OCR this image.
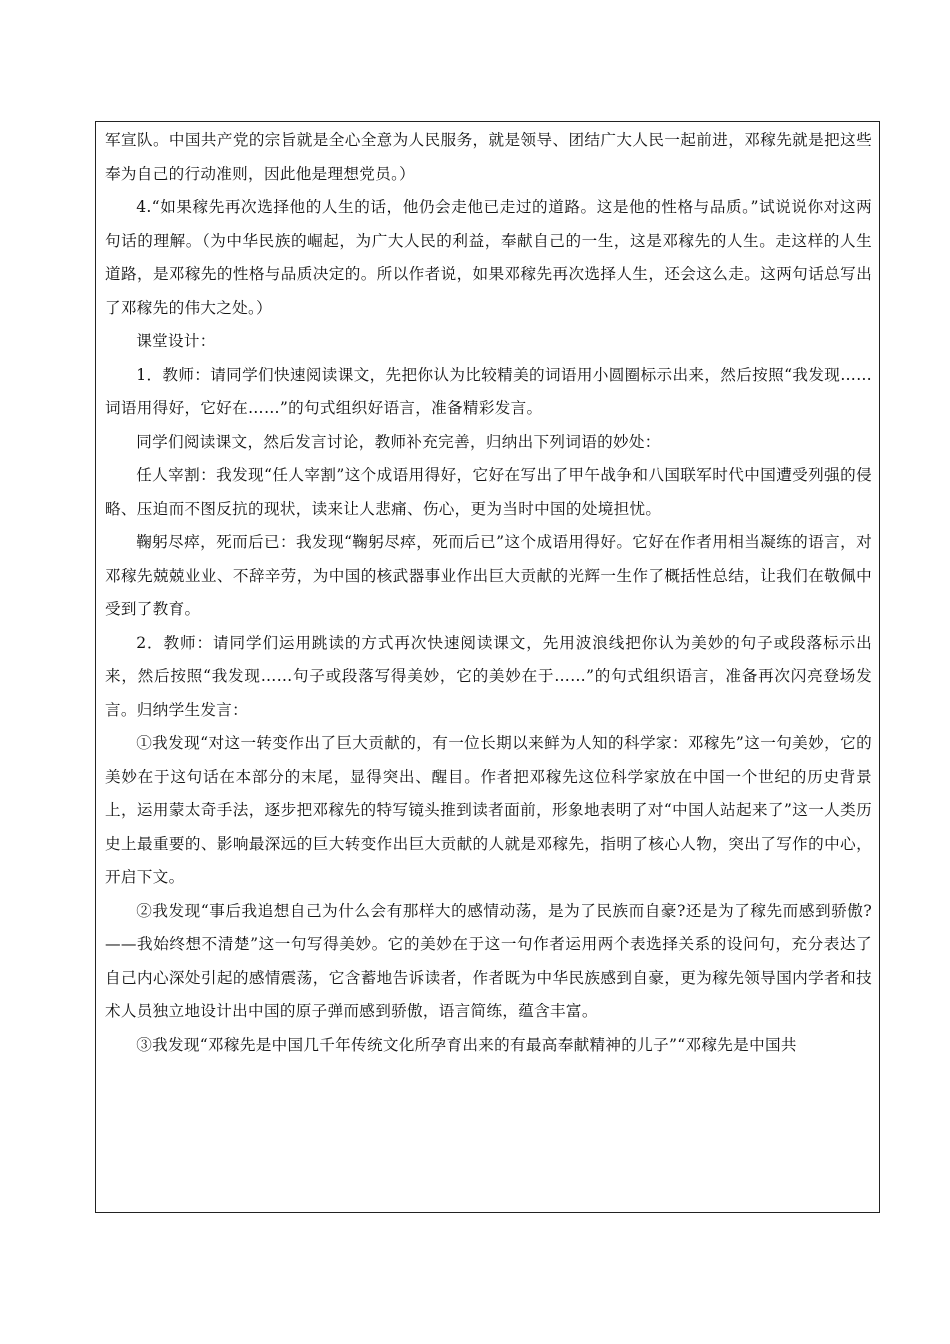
军宣队。中国共产党的宗旨就是全心全意为人民服务，就是领导、团结广大人民一起前进，邓稼先就是把这些奉为自己的行动准则，因此他是理想党员。）

4.“如果稼先再次选择他的人生的话，他仍会走他已走过的道路。这是他的性格与品质。”试说说你对这两句话的理解。（为中华民族的崛起，为广大人民的利益，奉献自己的一生，这是邓稼先的人生。走这样的人生道路，是邓稼先的性格与品质决定的。所以作者说，如果邓稼先再次选择人生，还会这么走。这两句话总写出了邓稼先的伟大之处。）

课堂设计：

1．教师：请同学们快速阅读课文，先把你认为比较精美的词语用小圆圈标示出来，然后按照“我发现……词语用得好，它好在……”的句式组织好语言，准备精彩发言。

同学们阅读课文，然后发言讨论，教师补充完善，归纳出下列词语的妙处：

任人宰割：我发现“任人宰割”这个成语用得好，它好在写出了甲午战争和八国联军时代中国遭受列强的侵略、压迫而不图反抗的现状，读来让人悲痛、伤心，更为当时中国的处境担忧。

鞠躬尽瘁，死而后已：我发现“鞠躬尽瘁，死而后已”这个成语用得好。它好在作者用相当凝练的语言，对邓稼先兢兢业业、不辞辛劳，为中国的核武器事业作出巨大贡献的光辉一生作了概括性总结，让我们在敬佩中受到了教育。

2．教师：请同学们运用跳读的方式再次快速阅读课文，先用波浪线把你认为美妙的句子或段落标示出来，然后按照“我发现……句子或段落写得美妙，它的美妙在于……”的句式组织语言，准备再次闪亮登场发言。归纳学生发言：

①我发现“对这一转变作出了巨大贡献的，有一位长期以来鲜为人知的科学家：邓稼先”这一句美妙，它的美妙在于这句话在本部分的末尾，显得突出、醒目。作者把邓稼先这位科学家放在中国一个世纪的历史背景上，运用蒙太奇手法，逐步把邓稼先的特写镜头推到读者面前，形象地表明了对“中国人站起来了”这一人类历史上最重要的、影响最深远的巨大转变作出巨大贡献的人就是邓稼先，指明了核心人物，突出了写作的中心，开启下文。

②我发现“事后我追想自己为什么会有那样大的感情动荡，是为了民族而自豪?还是为了稼先而感到骄傲?——我始终想不清楚”这一句写得美妙。它的美妙在于这一句作者运用两个表选择关系的设问句，充分表达了自己内心深处引起的感情震荡，它含蓄地告诉读者，作者既为中华民族感到自豪，更为稼先领导国内学者和技术人员独立地设计出中国的原子弹而感到骄傲，语言简练，蕴含丰富。

③我发现“邓稼先是中国几千年传统文化所孕育出来的有最高奉献精神的儿子”“邓稼先是中国共
